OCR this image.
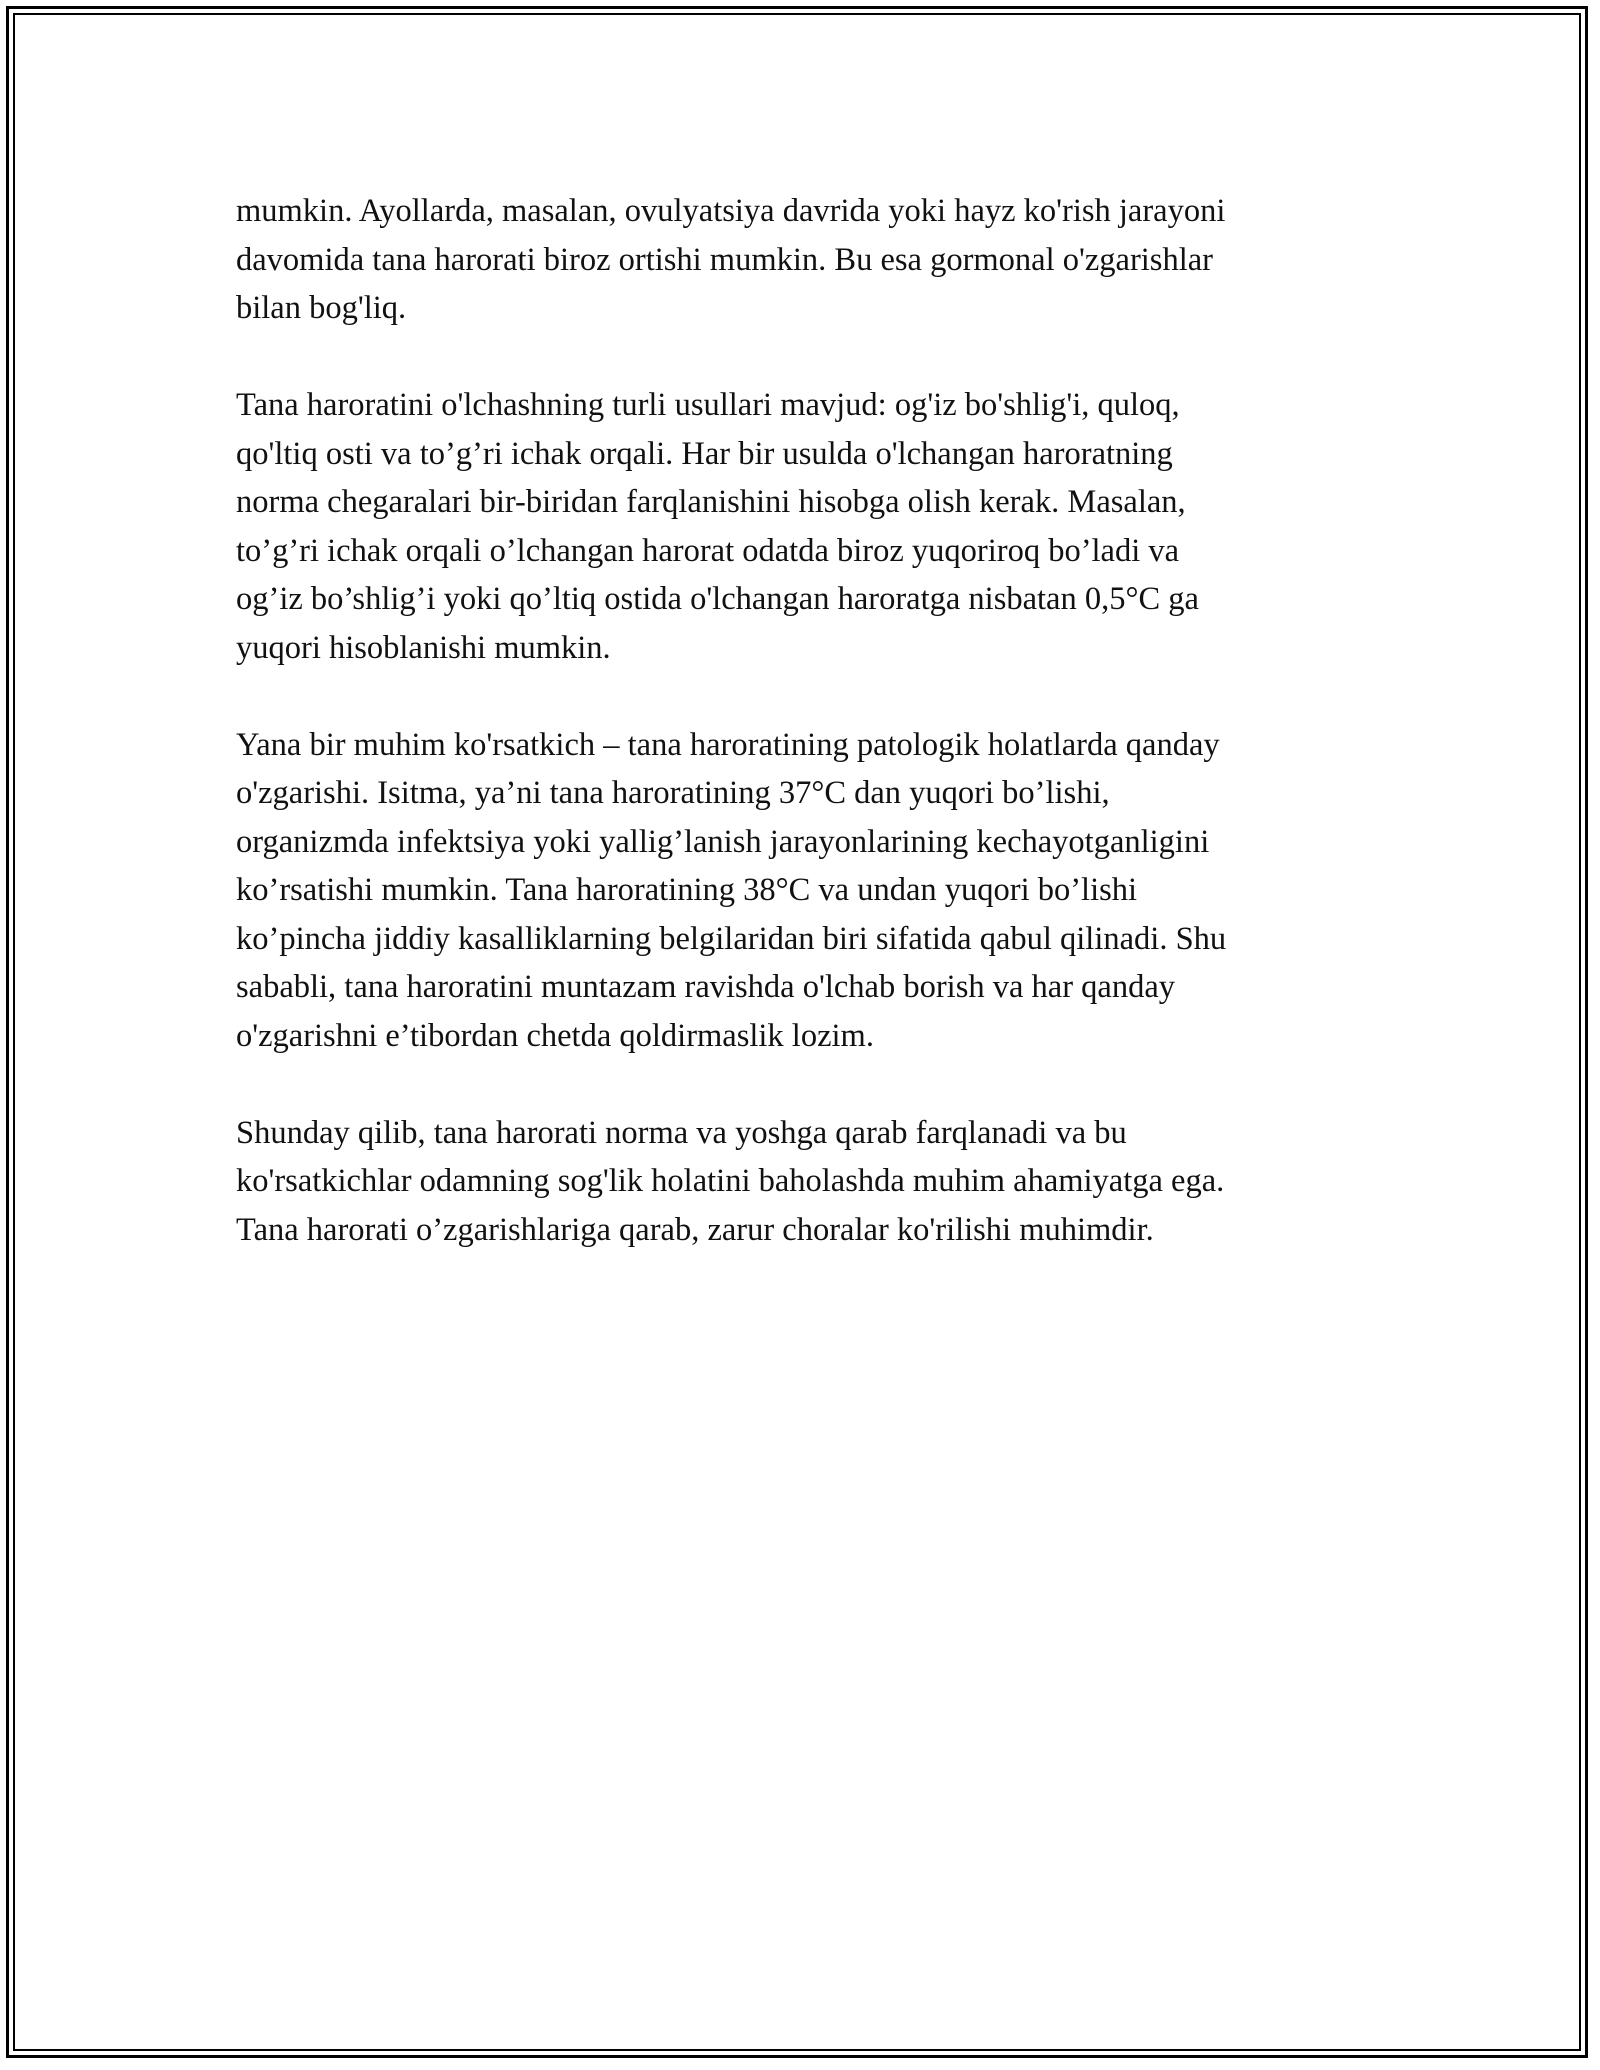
mumkin. Ayollarda, masalan, ovulyatsiya davrida yoki hayz ko'rish jarayoni
davomida tana harorati biroz ortishi mumkin. Bu esa gormonal o'zgarishlar
bilan bog'liq.

Tana haroratini o'lchashning turli usullari mavjud: og'iz bo'shlig'i, quloq,
qo'ltiq osti va to’g’ri ichak orqali. Har bir usulda o'lchangan haroratning
norma chegaralari bir-biridan farqlanishini hisobga olish kerak. Masalan,
to’g’ri ichak orqali o’lchangan harorat odatda biroz yuqoriroq bo’ladi va
og’iz bo’shlig’i yoki qo’ltiq ostida o'lchangan haroratga nisbatan 0,5°C ga
yuqori hisoblanishi mumkin.

Yana bir muhim ko'rsatkich – tana haroratining patologik holatlarda qanday
o'zgarishi. Isitma, ya’ni tana haroratining 37°C dan yuqori bo’lishi,
organizmda infektsiya yoki yallig’lanish jarayonlarining kechayotganligini
ko’rsatishi mumkin. Tana haroratining 38°C va undan yuqori bo’lishi
ko’pincha jiddiy kasalliklarning belgilaridan biri sifatida qabul qilinadi. Shu
sababli, tana haroratini muntazam ravishda o'lchab borish va har qanday
o'zgarishni e’tibordan chetda qoldirmaslik lozim.

Shunday qilib, tana harorati norma va yoshga qarab farqlanadi va bu
ko'rsatkichlar odamning sog'lik holatini baholashda muhim ahamiyatga ega.
Tana harorati o’zgarishlariga qarab, zarur choralar ko'rilishi muhimdir.
